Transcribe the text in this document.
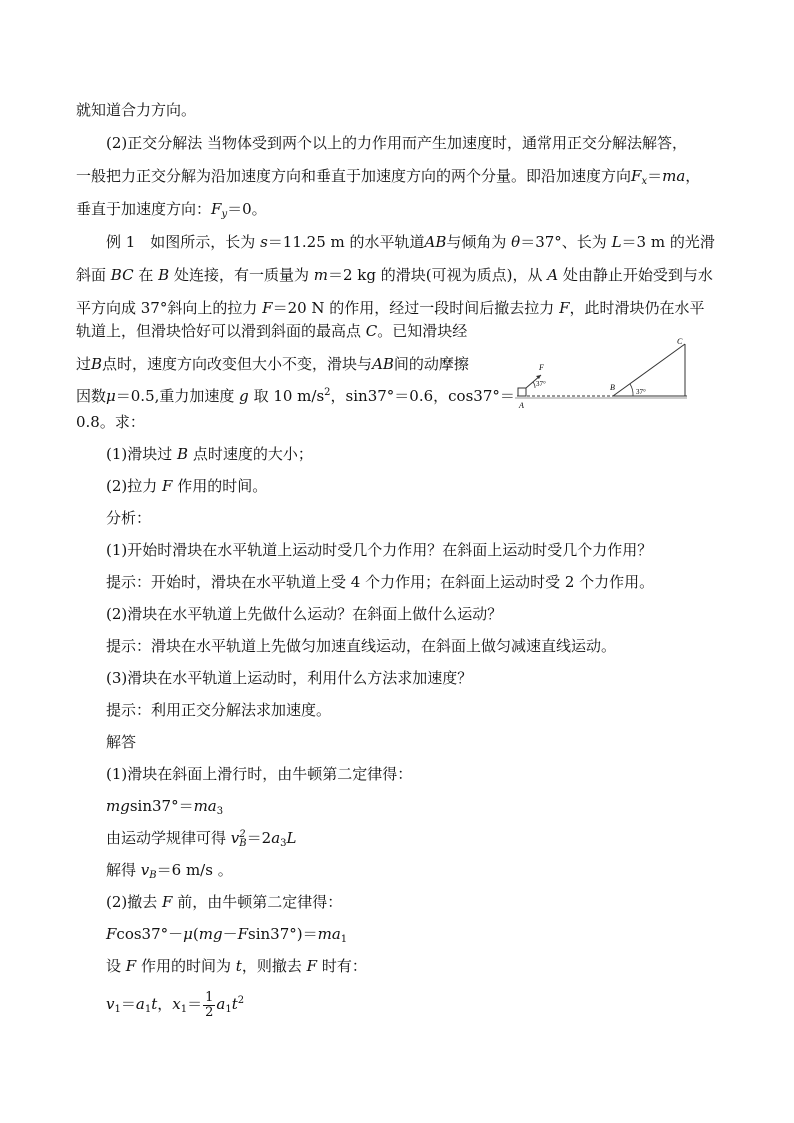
就知道合力方向。
(2)正交分解法 当物体受到两个以上的力作用而产生加速度时，通常用正交分解法解答，
一般把力正交分解为沿加速度方向和垂直于加速度方向的两个分量。即沿加速度方向$F_x=ma$，
垂直于加速度方向：$F_y=0$。
例 1　如图所示，长为 s＝11.25 m 的水平轨道AB与倾角为 θ＝37°、长为 L＝3 m 的光滑
斜面 BC 在 B 处连接，有一质量为 m＝2 kg 的滑块(可视为质点)，从 A 处由静止开始受到与水
平方向成 37°斜向上的拉力 F＝20 N 的作用，经过一段时间后撤去拉力 F，此时滑块仍在水平
轨道上，但滑块恰好可以滑到斜面的最高点 C。已知滑块经
过B点时，速度方向改变但大小不变，滑块与AB间的动摩擦
因数μ＝0.5,重力加速度 g 取 10 $m/s^2$，sin37°＝0.6，cos37°＝
0.8。求：
(1)滑块过 B 点时速度的大小；
(2)拉力 F 作用的时间。
分析：
(1)开始时滑块在水平轨道上运动时受几个力作用？在斜面上运动时受几个力作用？
提示：开始时，滑块在水平轨道上受 4 个力作用；在斜面上运动时受 2 个力作用。
(2)滑块在水平轨道上先做什么运动？在斜面上做什么运动？
提示：滑块在水平轨道上先做匀加速直线运动，在斜面上做匀减速直线运动。
(3)滑块在水平轨道上运动时，利用什么方法求加速度？
提示：利用正交分解法求加速度。
解答
(1)滑块在斜面上滑行时，由牛顿第二定律得：
$mgsin37^\circ=ma_3$
由运动学规律可得 v 2
$B =2a_3L$
解得 $v_B=6$ m/s 。
(2)撤去 F 前，由牛顿第二定律得：
$Fcos37^\circ-\mu(mg-Fsin37^\circ)=ma_1$
设 F 作用的时间为 t，则撤去 F 时有：
$v_1=a_1t$，$x_1= \frac{1}{2} a_1t^2$
F
37°
A
B	37°
C
